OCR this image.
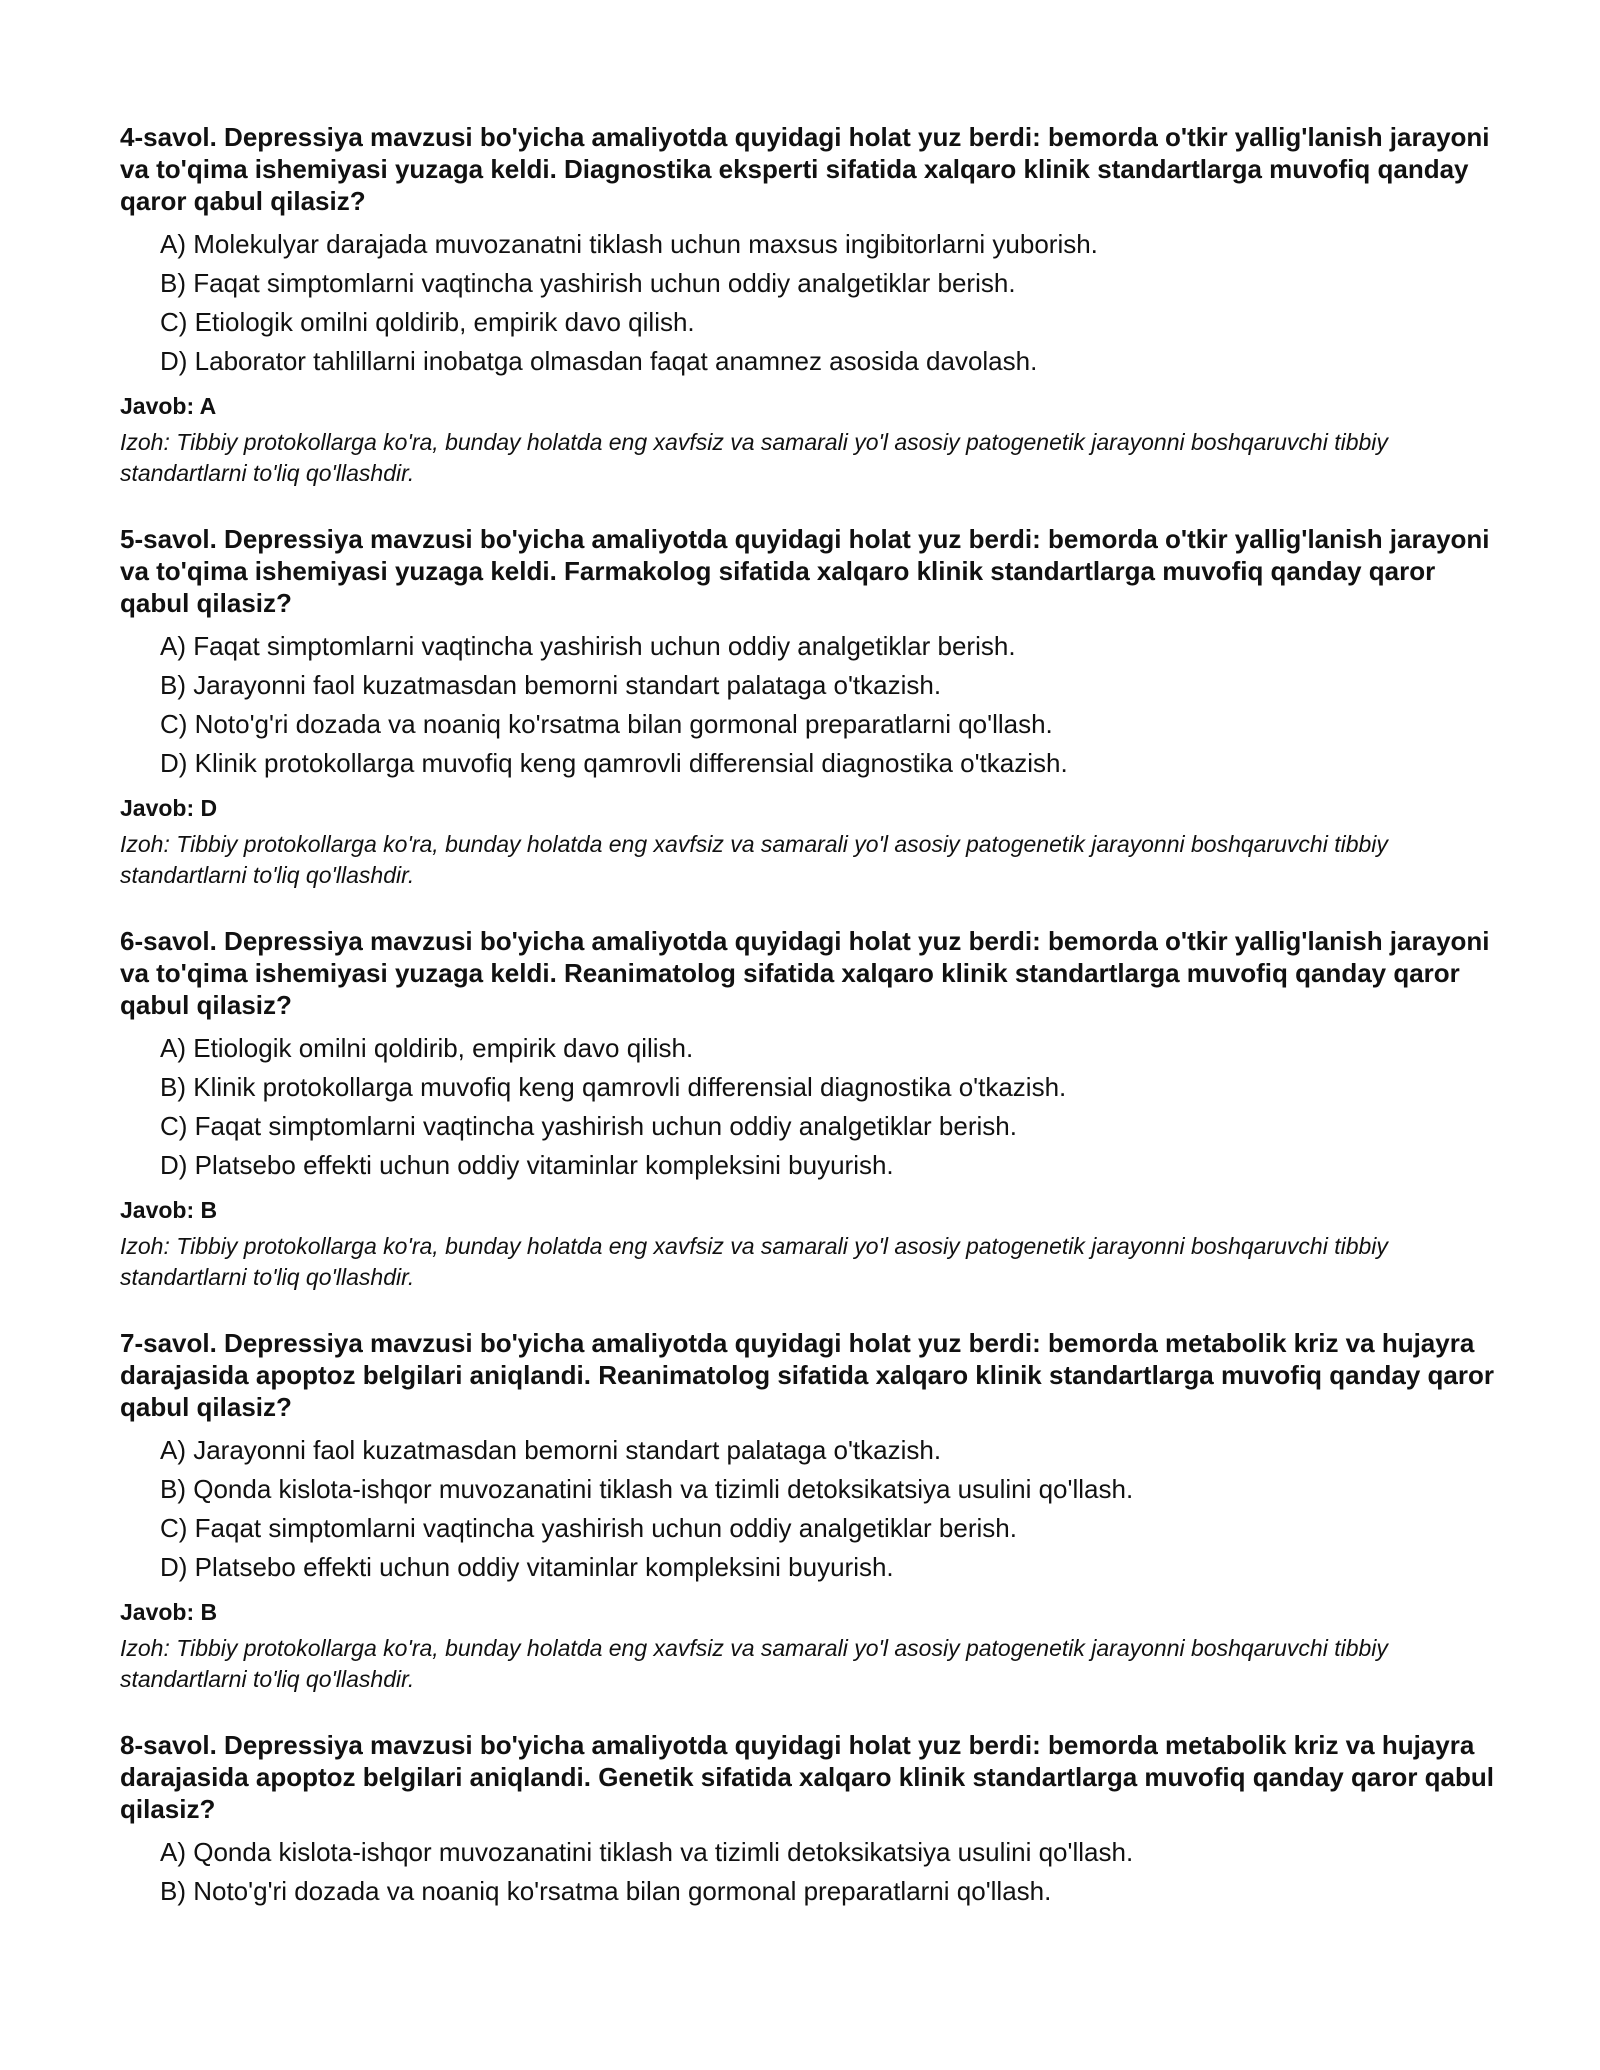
4-savol. Depressiya mavzusi bo'yicha amaliyotda quyidagi holat yuz berdi: bemorda o'tkir yallig'lanish jarayoni va to'qima ishemiyasi yuzaga keldi. Diagnostika eksperti sifatida xalqaro klinik standartlarga muvofiq qanday qaror qabul qilasiz?

A) Molekulyar darajada muvozanatni tiklash uchun maxsus ingibitorlarni yuborish.
B) Faqat simptomlarni vaqtincha yashirish uchun oddiy analgetiklar berish.
C) Etiologik omilni qoldirib, empirik davo qilish.
D) Laborator tahlillarni inobatga olmasdan faqat anamnez asosida davolash.

Javob: A

Izoh: Tibbiy protokollarga ko'ra, bunday holatda eng xavfsiz va samarali yo'l asosiy patogenetik jarayonni boshqaruvchi tibbiy standartlarni to'liq qo'llashdir.

5-savol. Depressiya mavzusi bo'yicha amaliyotda quyidagi holat yuz berdi: bemorda o'tkir yallig'lanish jarayoni va to'qima ishemiyasi yuzaga keldi. Farmakolog sifatida xalqaro klinik standartlarga muvofiq qanday qaror qabul qilasiz?

A) Faqat simptomlarni vaqtincha yashirish uchun oddiy analgetiklar berish.
B) Jarayonni faol kuzatmasdan bemorni standart palataga o'tkazish.
C) Noto'g'ri dozada va noaniq ko'rsatma bilan gormonal preparatlarni qo'llash.
D) Klinik protokollarga muvofiq keng qamrovli differensial diagnostika o'tkazish.

Javob: D

Izoh: Tibbiy protokollarga ko'ra, bunday holatda eng xavfsiz va samarali yo'l asosiy patogenetik jarayonni boshqaruvchi tibbiy standartlarni to'liq qo'llashdir.

6-savol. Depressiya mavzusi bo'yicha amaliyotda quyidagi holat yuz berdi: bemorda o'tkir yallig'lanish jarayoni va to'qima ishemiyasi yuzaga keldi. Reanimatolog sifatida xalqaro klinik standartlarga muvofiq qanday qaror qabul qilasiz?

A) Etiologik omilni qoldirib, empirik davo qilish.
B) Klinik protokollarga muvofiq keng qamrovli differensial diagnostika o'tkazish.
C) Faqat simptomlarni vaqtincha yashirish uchun oddiy analgetiklar berish.
D) Platsebo effekti uchun oddiy vitaminlar kompleksini buyurish.

Javob: B

Izoh: Tibbiy protokollarga ko'ra, bunday holatda eng xavfsiz va samarali yo'l asosiy patogenetik jarayonni boshqaruvchi tibbiy standartlarni to'liq qo'llashdir.

7-savol. Depressiya mavzusi bo'yicha amaliyotda quyidagi holat yuz berdi: bemorda metabolik kriz va hujayra darajasida apoptoz belgilari aniqlandi. Reanimatolog sifatida xalqaro klinik standartlarga muvofiq qanday qaror qabul qilasiz?

A) Jarayonni faol kuzatmasdan bemorni standart palataga o'tkazish.
B) Qonda kislota-ishqor muvozanatini tiklash va tizimli detoksikatsiya usulini qo'llash.
C) Faqat simptomlarni vaqtincha yashirish uchun oddiy analgetiklar berish.
D) Platsebo effekti uchun oddiy vitaminlar kompleksini buyurish.

Javob: B

Izoh: Tibbiy protokollarga ko'ra, bunday holatda eng xavfsiz va samarali yo'l asosiy patogenetik jarayonni boshqaruvchi tibbiy standartlarni to'liq qo'llashdir.

8-savol. Depressiya mavzusi bo'yicha amaliyotda quyidagi holat yuz berdi: bemorda metabolik kriz va hujayra darajasida apoptoz belgilari aniqlandi. Genetik sifatida xalqaro klinik standartlarga muvofiq qanday qaror qabul qilasiz?

A) Qonda kislota-ishqor muvozanatini tiklash va tizimli detoksikatsiya usulini qo'llash.
B) Noto'g'ri dozada va noaniq ko'rsatma bilan gormonal preparatlarni qo'llash.
